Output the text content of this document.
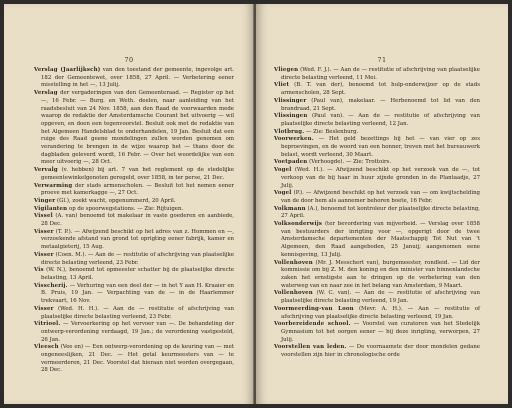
70

Verslag (Jaarlijksch) van den toestand der gemeente, ingevolge art. 182 der Gemeentewet, over 1858, 27 April. — Verbetering eener misstelling in het —, 13 Julij.

Verslag der vergaderingen van den Gemeenteraad. — Register op het —, 16 Febr. — Burg. en Weth. deelen, naar aanleiding van het raadsbesluit van 24 Nov. 1858, aan den Raad de voorwaarden mede waarop de redaktie der Amsterdamsche Courant het uitvoerig — wil opgeven, en doen een tegenvoorstel. Besluit ook met de redaktie van het Algemeen Handelsblad te onderhandelen, 19 Jan. Besluit dat een ruige des Raad geene mondelingen zullen worden genomen om verandering te brengen in de wijze waarop het — thans door de dagbladen geleverd wordt, 16 Febr. — Over het woordelijke van een meer uitvoerig —, 28 Oct.

Vervalg (v. hebben) bij art. 7 van het reglement op de stedelijke gemeentewinkelgenoten geregeld, over 1858, in ter perse, 21 Dec.

Verwarming der stads armenscholen. — Besluit tot het nemen eener proeve met kamerkagge —, 27 Oct.

Vinger (Gl.), zoekt wacht, opgenummerd, 20 April.

Vigilanten op de spoorwegstations. — Zie: Rijtuigen.

Vissel (A. van) benoemd tot makelaar in vaste goederen en aanbiede, 28 Dec.

Visser (T. P.). — Afwijzend beschikt op het adres van z. Hommen en —, verzoekende afstand van grond tot oprigting eener fabrijk, kamer en metaalgieterij, 15 Aug.

Visser (Coen. M.). — Aan de — restitutie of afschrijving van plaatselijke directe belasting verleend, 23 Febr.

Vis (W. N.), benoemd tot opmeester schatter bij de plaatselijke directe belasting, 13 April.

Visscherij. — Verhuring van een deel der — in het Y aan H. Kraaier en B. Pruis, 19 Jan. — Verpachting van de — in de Haarlemmer trekvaart, 16 Nov.

Visser (Wed. H. H.). — Aan de — restitutie of afschrijving van plaatselijke directe belasting verleend, 23 Febr.

Vitriool. — Vervoerkering op het vervoer van —. De behandeling der ontwerp-verordening verdaagd, 19 Jan.; de verordening vastgesteld, 26 Jan.

Vleesch (Vee en) — Een ontwerp-verordening op de keuring van — met ongeneeslijken, 21 Dec. — Het getal keurmeesters van — te vermeerderen, 21 Dec. Voorstel dat hieraan niet worden overgegaan, 28 Dec.

71

Vliegen (Wed. F. J.). — Aan de — restitutie of afschrijving van plaatselijke directe belasting verleend, 11 Mei.

Vliet (B. T. van der), benoemd tot hulp-onderwijzer op de stads armenscholen, 28 Sept.

Vlissinger (Paul van), makelaar. — Herbenoemd tot lid van den brandraad, 21 Sept.

Vlissingen (Paul van). — Aan de — restitutie of afschrijving van plaatselijke directe belasting verleend, 12 Jan.

Vlotbrug. — Zie: Beslenburg.

Voorwerken. — Het geld bezettings bij het — van vier op zes beproevingen, en de woord van een honner, treven met het bureauwerk belast, wordt verleend, 30 Maart.

Voetpaden (Verhoogde). — Zie: Trottoirs.

Vogel (Wed. H.). — Afwijzend beschikt op het verzoek van de —, tot verkoop van de bij haar in huur zijnde gronden in de Plantaadje, 27 Julij.

Vogel (P.). — Afwijzend beschikt op het verzoek van — om kwijtschelding van de door hem als aannemer behoren boete, 16 Febr.

Volkmann (A.), benoemd tot kontroleur der plaatselijke directe belasting, 27 April.

Volksonderwijs (ter bevordering van mijverheid. — Verslag over 1858 van bestuurders der inrigting voor —, opgerigt door de twee Amsterdamsche departementen der Maatschappij Tot Nut van 't Algemeen, den Raad aangeboden, 25 Januij; aangenomen eene kennisgeving, 13 Julij.

Vollenhoven (Mr. J. Messchert van), burgemeester, rondleid. — Lid der kommissie om bij Z. M. den koning en den minister van binnenlandsche zaken het ernstigste aan te dringen op de verbetering van den waterweg van en naar zee in het belang van Amsterdam, 9 Maart.

Vollenhoven (W. C. van). — Aan de — restitutie of afschrijving van plaatselijke directe belasting verleend, 19 Jan.

Voormeerding-van Loon (Mevr. A. H.). — Aan — restitutie of afschrijving van plaatselijke directe belasting verleend, 19 Jan.

Voorbereidende school. — Voorstel van curatoren van het Stedelijk Gymnasium tot het oorgen eener — bij deze inrigting, verworpen, 27 Julij.

Voorstellen van leden. — De voornaamste der door mondelen gedane voorstellen zijn hier in chronologische orde
